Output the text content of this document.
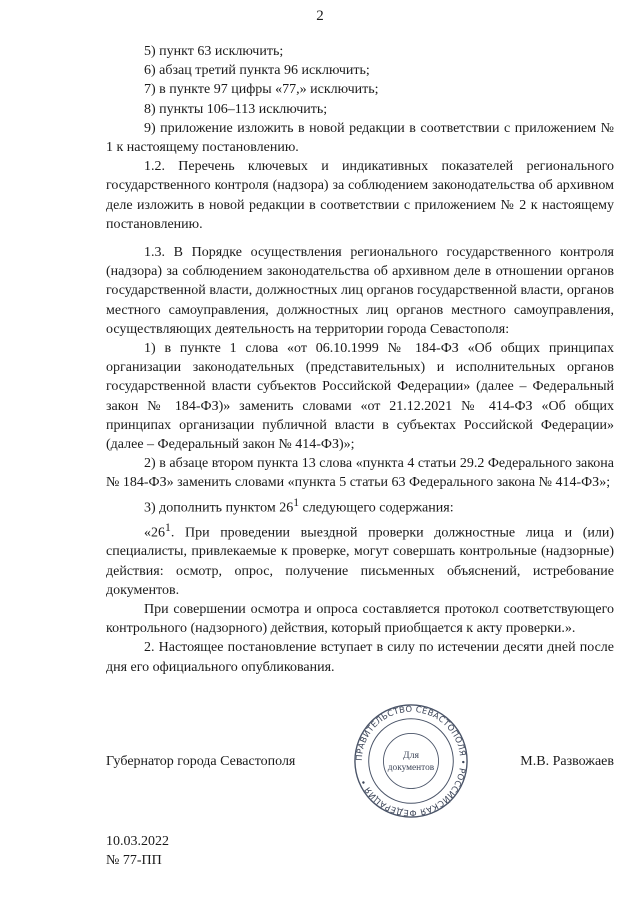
2

5) пункт 63 исключить;

6) абзац третий пункта 96 исключить;

7) в пункте 97 цифры «77,» исключить;

8) пункты 106–113 исключить;

9) приложение изложить в новой редакции в соответствии с приложением № 1 к настоящему постановлению.

1.2. Перечень ключевых и индикативных показателей регионального государственного контроля (надзора) за соблюдением законодательства об архивном деле изложить в новой редакции в соответствии с приложением № 2 к настоящему постановлению.

1.3. В Порядке осуществления регионального государственного контроля (надзора) за соблюдением законодательства об архивном деле в отношении органов государственной власти, должностных лиц органов государственной власти, органов местного самоуправления, должностных лиц органов местного самоуправления, осуществляющих деятельность на территории города Севастополя:

1) в пункте 1 слова «от 06.10.1999 № 184-ФЗ «Об общих принципах организации законодательных (представительных) и исполнительных органов государственной власти субъектов Российской Федерации» (далее – Федеральный закон № 184-ФЗ)» заменить словами «от 21.12.2021 № 414-ФЗ «Об общих принципах организации публичной власти в субъектах Российской Федерации» (далее – Федеральный закон № 414-ФЗ)»;

2) в абзаце втором пункта 13 слова «пункта 4 статьи 29.2 Федерального закона № 184-ФЗ» заменить словами «пункта 5 статьи 63 Федерального закона № 414-ФЗ»;

3) дополнить пунктом $26^1$ следующего содержания:

«$26^1$. При проведении выездной проверки должностные лица и (или) специалисты, привлекаемые к проверке, могут совершать контрольные (надзорные) действия: осмотр, опрос, получение письменных объяснений, истребование документов.

При совершении осмотра и опроса составляется протокол соответствующего контрольного (надзорного) действия, который приобщается к акту проверки.».

2. Настоящее постановление вступает в силу по истечении десяти дней после дня его официального опубликования.

Губернатор города Севастополя	М.В. Развожаев
ПРАВИТЕЛЬСТВО СЕВАСТОПОЛЯ • РОССИЙСКАЯ ФЕДЕРАЦИЯ •
Для
документов
10.03.2022
№ 77-ПП
